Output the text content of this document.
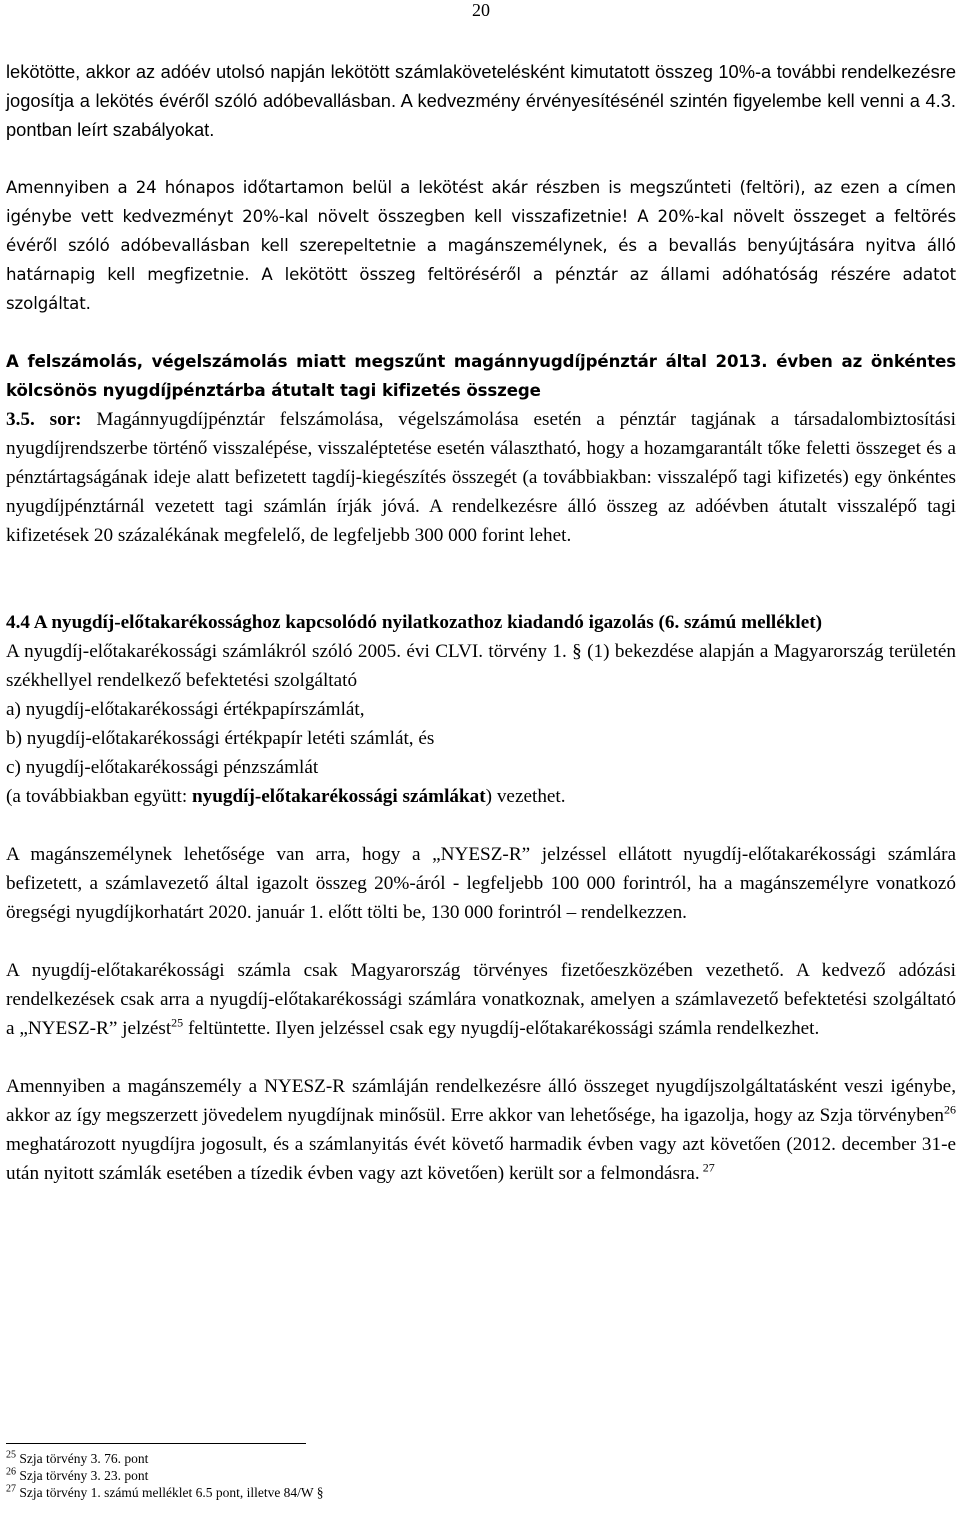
20

lekötötte, akkor az adóév utolsó napján lekötött számlakövetelésként kimutatott összeg 10%-a további rendelkezésre jogosítja a lekötés évéről szóló adóbevallásban. A kedvezmény érvényesítésénél szintén figyelembe kell venni a 4.3. pontban leírt szabályokat.

Amennyiben a 24 hónapos időtartamon belül a lekötést akár részben is megszűnteti (feltöri), az ezen a címen igénybe vett kedvezményt 20%-kal növelt összegben kell visszafizetnie! A 20%-kal növelt összeget a feltörés évéről szóló adóbevallásban kell szerepeltetnie a magánszemélynek, és a bevallás benyújtására nyitva álló határnapig kell megfizetnie. A lekötött összeg feltöréséről a pénztár az állami adóhatóság részére adatot szolgáltat.

A felszámolás, végelszámolás miatt megszűnt magánnyugdíjpénztár által 2013. évben az önkéntes kölcsönös nyugdíjpénztárba átutalt tagi kifizetés összege

3.5. sor: Magánnyugdíjpénztár felszámolása, végelszámolása esetén a pénztár tagjának a társadalombiztosítási nyugdíjrendszerbe történő visszalépése, visszaléptetése esetén választható, hogy a hozamgarantált tőke feletti összeget és a pénztártagságának ideje alatt befizetett tagdíj-kiegészítés összegét (a továbbiakban: visszalépő tagi kifizetés) egy önkéntes nyugdíjpénztárnál vezetett tagi számlán írják jóvá. A rendelkezésre álló összeg az adóévben átutalt visszalépő tagi kifizetések 20 százalékának megfelelő, de legfeljebb 300 000 forint lehet.

4.4 A nyugdíj-előtakarékossághoz kapcsolódó nyilatkozathoz kiadandó igazolás (6. számú melléklet)

A nyugdíj-előtakarékossági számlákról szóló 2005. évi CLVI. törvény 1. § (1) bekezdése alapján a Magyarország területén székhellyel rendelkező befektetési szolgáltató

a) nyugdíj-előtakarékossági értékpapírszámlát,

b) nyugdíj-előtakarékossági értékpapír letéti számlát, és

c) nyugdíj-előtakarékossági pénzszámlát

(a továbbiakban együtt: nyugdíj-előtakarékossági számlákat) vezethet.

A magánszemélynek lehetősége van arra, hogy a „NYESZ-R” jelzéssel ellátott nyugdíj-előtakarékossági számlára befizetett, a számlavezető által igazolt összeg 20%-áról - legfeljebb 100 000 forintról, ha a magánszemélyre vonatkozó öregségi nyugdíjkorhatárt 2020. január 1. előtt tölti be, 130 000 forintról – rendelkezzen.

A nyugdíj-előtakarékossági számla csak Magyarország törvényes fizetőeszközében vezethető. A kedvező adózási rendelkezések csak arra a nyugdíj-előtakarékossági számlára vonatkoznak, amelyen a számlavezető befektetési szolgáltató a „NYESZ-R” jelzést$^{25}$ feltüntette. Ilyen jelzéssel csak egy nyugdíj-előtakarékossági számla rendelkezhet.

Amennyiben a magánszemély a NYESZ-R számláján rendelkezésre álló összeget nyugdíjszolgáltatásként veszi igénybe, akkor az így megszerzett jövedelem nyugdíjnak minősül. Erre akkor van lehetősége, ha igazolja, hogy az Szja törvényben$^{26}$ meghatározott nyugdíjra jogosult, és a számlanyitás évét követő harmadik évben vagy azt követően (2012. december 31-e után nyitott számlák esetében a tízedik évben vagy azt követően) került sor a felmondásra. $^{27}$

$^{25}$ Szja törvény 3. 76. pont

$^{26}$ Szja törvény 3. 23. pont

$^{27}$ Szja törvény 1. számú melléklet 6.5 pont, illetve 84/W §
